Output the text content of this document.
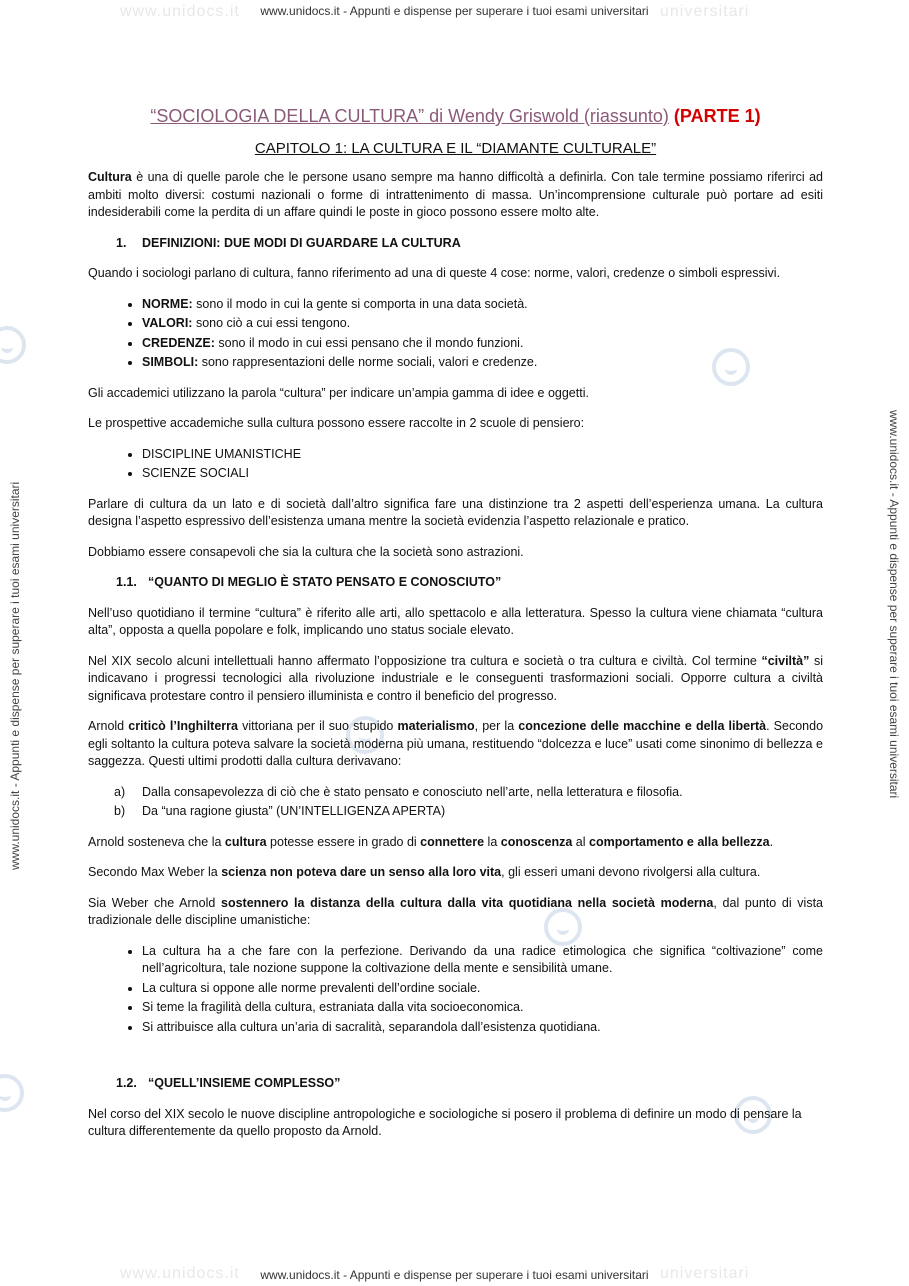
www.unidocs.it	universitari
www.unidocs.it - Appunti e dispense per superare i tuoi esami universitari
www.unidocs.it	universitari
www.unidocs.it - Appunti e dispense per superare i tuoi esami universitari
www.unidocs.it - Appunti e dispense per superare i tuoi esami universitari	www.unidocs.it - Appunti e dispense per superare i tuoi esami universitari
“SOCIOLOGIA DELLA CULTURA” di Wendy Griswold (riassunto) (PARTE 1)
CAPITOLO 1: LA CULTURA E IL “DIAMANTE CULTURALE”

Cultura è una di quelle parole che le persone usano sempre ma hanno difficoltà a definirla. Con tale termine possiamo riferirci ad ambiti molto diversi: costumi nazionali o forme di intrattenimento di massa. Un’incomprensione culturale può portare ad esiti indesiderabili come la perdita di un affare quindi le poste in gioco possono essere molto alte.

1. DEFINIZIONI: DUE MODI DI GUARDARE LA CULTURA

Quando i sociologi parlano di cultura, fanno riferimento ad una di queste 4 cose: norme, valori, credenze o simboli espressivi.

• NORME: sono il modo in cui la gente si comporta in una data società.
• VALORI: sono ciò a cui essi tengono.
• CREDENZE: sono il modo in cui essi pensano che il mondo funzioni.
• SIMBOLI: sono rappresentazioni delle norme sociali, valori e credenze.

Gli accademici utilizzano la parola “cultura” per indicare un’ampia gamma di idee e oggetti.

Le prospettive accademiche sulla cultura possono essere raccolte in 2 scuole di pensiero:

• DISCIPLINE UMANISTICHE
• SCIENZE SOCIALI

Parlare di cultura da un lato e di società dall’altro significa fare una distinzione tra 2 aspetti dell’esperienza umana. La cultura designa l’aspetto espressivo dell’esistenza umana mentre la società evidenzia l’aspetto relazionale e pratico.

Dobbiamo essere consapevoli che sia la cultura che la società sono astrazioni.

1.1. “QUANTO DI MEGLIO È STATO PENSATO E CONOSCIUTO”

Nell’uso quotidiano il termine “cultura” è riferito alle arti, allo spettacolo e alla letteratura. Spesso la cultura viene chiamata “cultura alta”, opposta a quella popolare e folk, implicando uno status sociale elevato.

Nel XIX secolo alcuni intellettuali hanno affermato l’opposizione tra cultura e società o tra cultura e civiltà. Col termine “civiltà” si indicavano i progressi tecnologici alla rivoluzione industriale e le conseguenti trasformazioni sociali. Opporre cultura a civiltà significava protestare contro il pensiero illuminista e contro il beneficio del progresso.

Arnold criticò l’Inghilterra vittoriana per il suo stupido materialismo, per la concezione delle macchine e della libertà. Secondo egli soltanto la cultura poteva salvare la società moderna più umana, restituendo “dolcezza e luce” usati come sinonimo di bellezza e saggezza. Questi ultimi prodotti dalla cultura derivavano:

a)	Dalla consapevolezza di ciò che è stato pensato e conosciuto nell’arte, nella letteratura e filosofia.
b)	Da “una ragione giusta” (UN’INTELLIGENZA APERTA)

Arnold sosteneva che la cultura potesse essere in grado di connettere la conoscenza al comportamento e alla bellezza.

Secondo Max Weber la scienza non poteva dare un senso alla loro vita, gli esseri umani devono rivolgersi alla cultura.

Sia Weber che Arnold sostennero la distanza della cultura dalla vita quotidiana nella società moderna, dal punto di vista tradizionale delle discipline umanistiche:

• La cultura ha a che fare con la perfezione. Derivando da una radice etimologica che significa “coltivazione” come nell’agricoltura, tale nozione suppone la coltivazione della mente e sensibilità umane.
• La cultura si oppone alle norme prevalenti dell’ordine sociale.
• Si teme la fragilità della cultura, estraniata dalla vita socioeconomica.
• Si attribuisce alla cultura un’aria di sacralità, separandola dall’esistenza quotidiana.
1.2. “QUELL’INSIEME COMPLESSO”

Nel corso del XIX secolo le nuove discipline antropologiche e sociologiche si posero il problema di definire un modo di pensare la cultura differentemente da quello proposto da Arnold.
